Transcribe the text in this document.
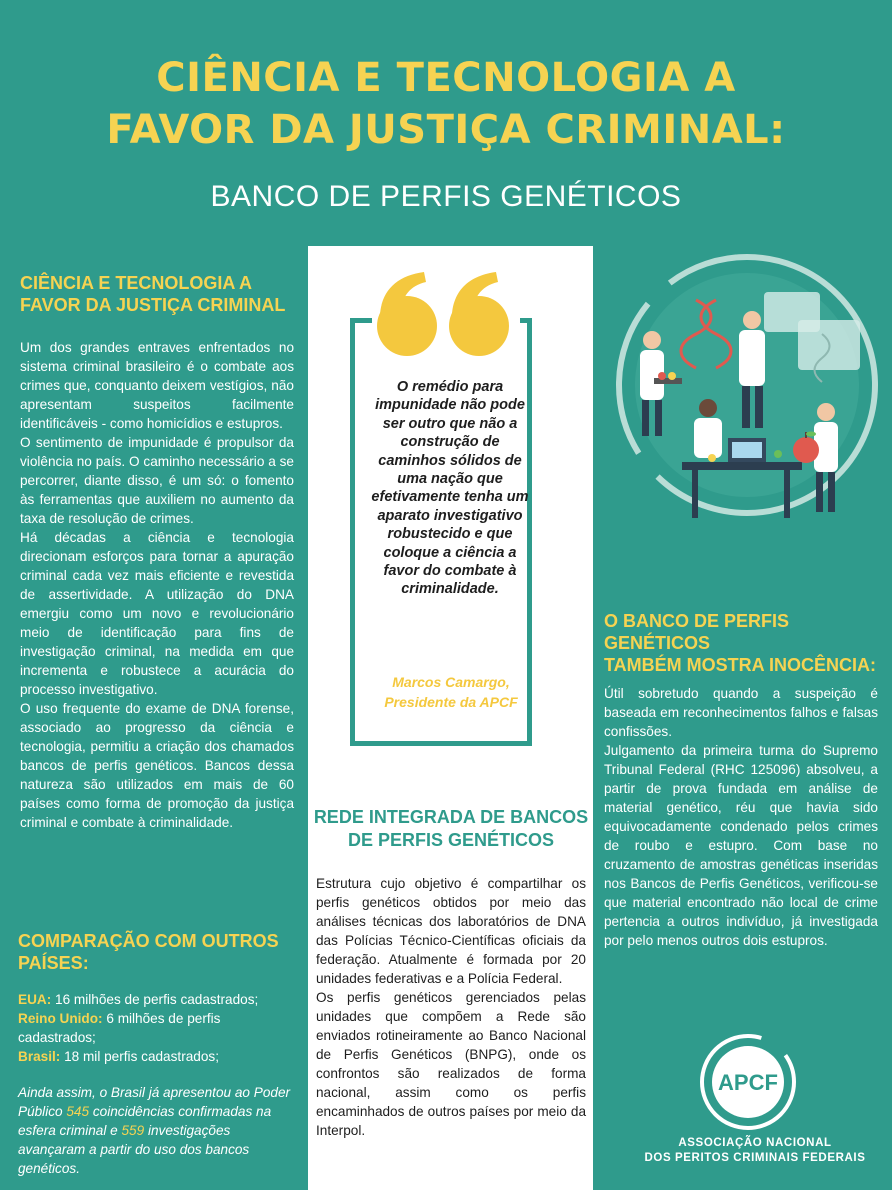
CIÊNCIA E TECNOLOGIA A
FAVOR DA JUSTIÇA CRIMINAL:
BANCO DE PERFIS GENÉTICOS
O remédio para impunidade não pode ser outro que não a construção de caminhos sólidos de uma nação que efetivamente tenha um aparato investigativo robustecido e que coloque a ciência a favor do combate à criminalidade.
Marcos Camargo,
Presidente da APCF
REDE INTEGRADA DE BANCOS
DE PERFIS GENÉTICOS

Estrutura cujo objetivo é compartilhar os perfis genéticos obtidos por meio das análises técnicas dos laboratórios de DNA das Polícias Técnico-Científicas oficiais da federação. Atualmente é formada por 20 unidades federativas e a Polícia Federal.

Os perfis genéticos gerenciados pelas unidades que compõem a Rede são enviados rotineiramente ao Banco Nacional de Perfis Genéticos (BNPG), onde os confrontos são realizados de forma nacional, assim como os perfis encaminhados de outros países por meio da Interpol.

CIÊNCIA E TECNOLOGIA A
FAVOR DA JUSTIÇA CRIMINAL

Um dos grandes entraves enfrentados no sistema criminal brasileiro é o combate aos crimes que, conquanto deixem vestígios, não apresentam suspeitos facilmente identificáveis - como homicídios e estupros.

O sentimento de impunidade é propulsor da violência no país. O caminho necessário a se percorrer, diante disso, é um só: o fomento às ferramentas que auxiliem no aumento da taxa de resolução de crimes.

Há décadas a ciência e tecnologia direcionam esforços para tornar a apuração criminal cada vez mais eficiente e revestida de assertividade. A utilização do DNA emergiu como um novo e revolucionário meio de identificação para fins de investigação criminal, na medida em que incrementa e robustece a acurácia do processo investigativo.

O uso frequente do exame de DNA forense, associado ao progresso da ciência e tecnologia, permitiu a criação dos chamados bancos de perfis genéticos. Bancos dessa natureza são utilizados em mais de 60 países como forma de promoção da justiça criminal e combate à criminalidade.

COMPARAÇÃO COM OUTROS
PAÍSES:

EUA: 16 milhões de perfis cadastrados;

Reino Unido: 6 milhões de perfis cadastrados;

Brasil: 18 mil perfis cadastrados;

Ainda assim, o Brasil já apresentou ao Poder Público 545 coincidências confirmadas na esfera criminal e 559 investigações avançaram a partir do uso dos bancos genéticos.

O BANCO DE PERFIS GENÉTICOS
TAMBÉM MOSTRA INOCÊNCIA:

Útil sobretudo quando a suspeição é baseada em reconhecimentos falhos e falsas confissões.

Julgamento da primeira turma do Supremo Tribunal Federal (RHC 125096) absolveu, a partir de prova fundada em análise de material genético, réu que havia sido equivocadamente condenado pelos crimes de roubo e estupro. Com base no cruzamento de amostras genéticas inseridas nos Bancos de Perfis Genéticos, verificou-se que material encontrado não local de crime pertencia a outros indivíduo, já investigada por pelo menos outros dois estupros.

APCF
ASSOCIAÇÃO NACIONAL
DOS PERITOS CRIMINAIS FEDERAIS
